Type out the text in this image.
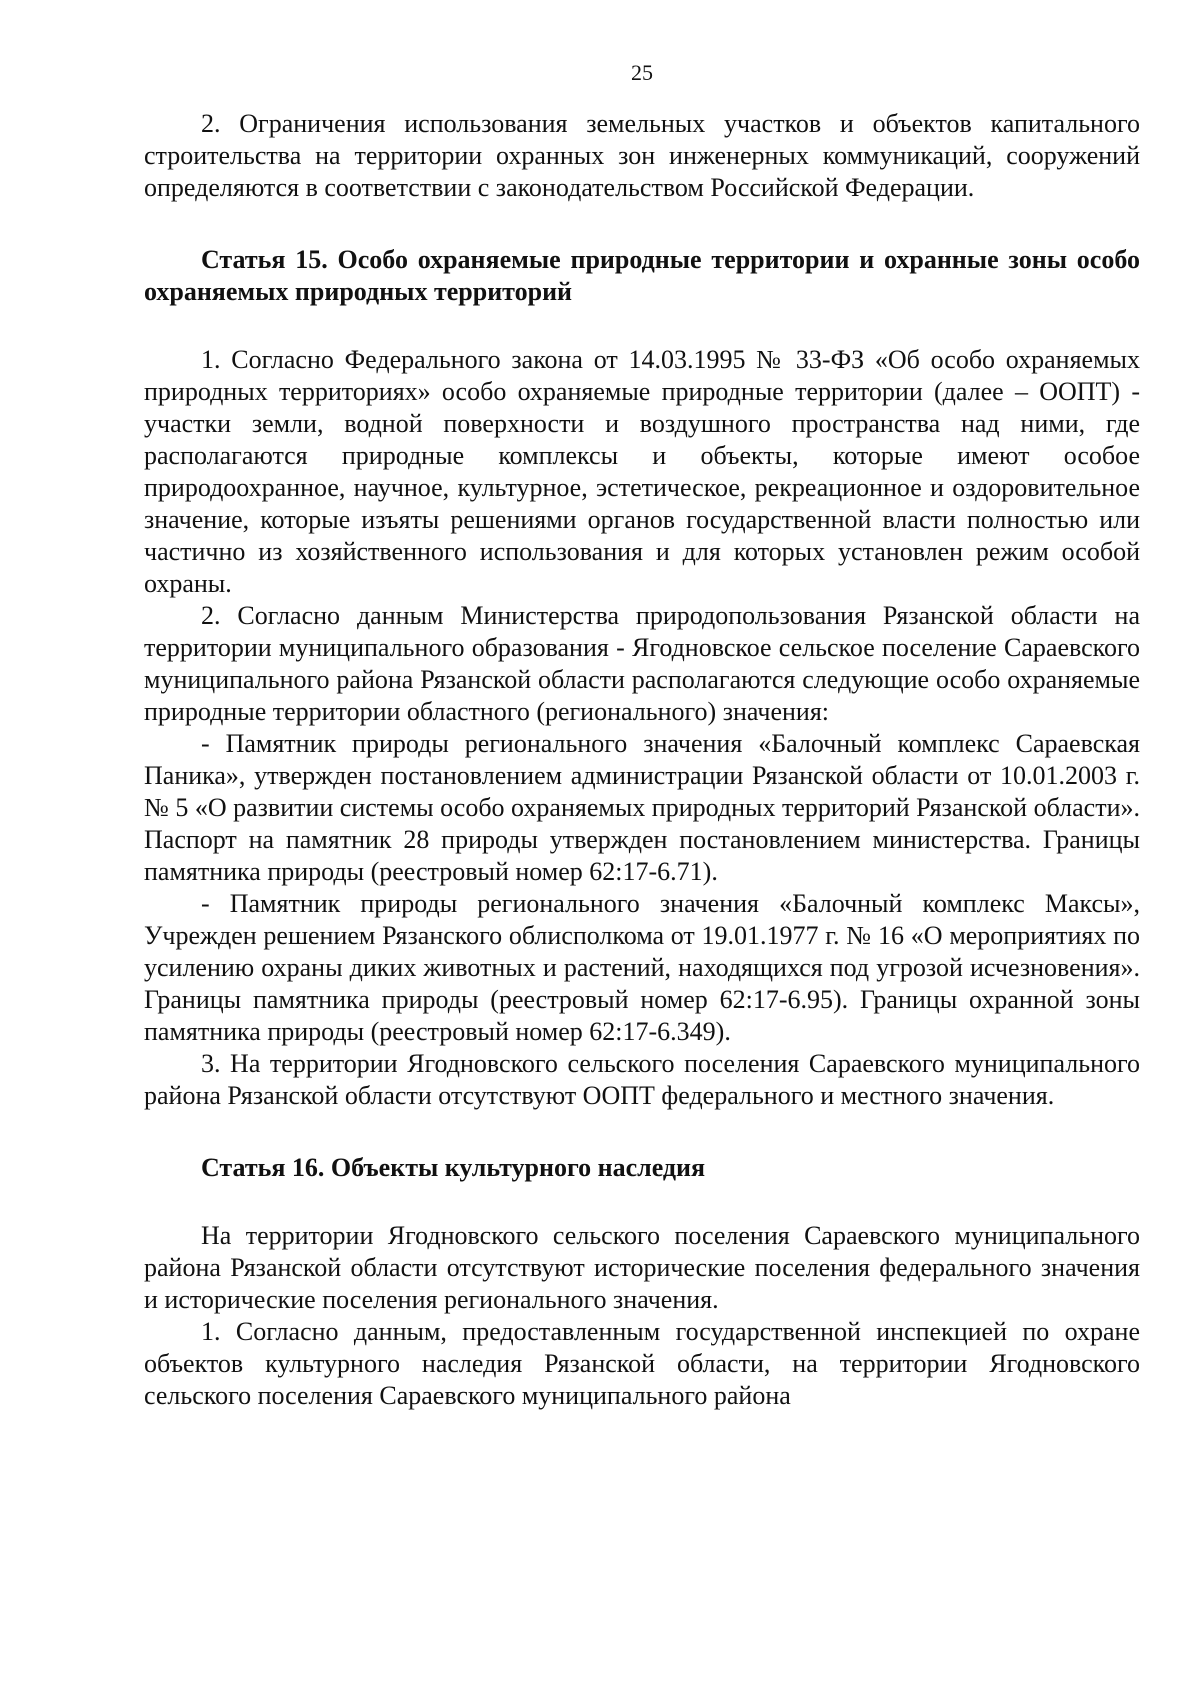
25

2. Ограничения использования земельных участков и объектов капитального строительства на территории охранных зон инженерных коммуникаций, сооружений определяются в соответствии с законодательством Российской Федерации.

Статья 15. Особо охраняемые природные территории и охранные зоны особо охраняемых природных территорий

1. Согласно Федерального закона от 14.03.1995 № 33-ФЗ «Об особо охраняемых природных территориях» особо охраняемые природные территории (далее – ООПТ) - участки земли, водной поверхности и воздушного пространства над ними, где располагаются природные комплексы и объекты, которые имеют особое природоохранное, научное, культурное, эстетическое, рекреационное и оздоровительное значение, которые изъяты решениями органов государственной власти полностью или частично из хозяйственного использования и для которых установлен режим особой охраны.

2. Согласно данным Министерства природопользования Рязанской области на территории муниципального образования - Ягодновское сельское поселение Сараевского муниципального района Рязанской области располагаются следующие особо охраняемые природные территории областного (регионального) значения:

- Памятник природы регионального значения «Балочный комплекс Сараевская Паника», утвержден постановлением администрации Рязанской области от 10.01.2003 г. № 5 «О развитии системы особо охраняемых природных территорий Рязанской области». Паспорт на памятник 28 природы утвержден постановлением министерства. Границы памятника природы (реестровый номер 62:17-6.71).

- Памятник природы регионального значения «Балочный комплекс Максы», Учрежден решением Рязанского облисполкома от 19.01.1977 г. № 16 «О мероприятиях по усилению охраны диких животных и растений, находящихся под угрозой исчезновения». Границы памятника природы (реестровый номер 62:17-6.95). Границы охранной зоны памятника природы (реестровый номер 62:17-6.349).

3. На территории Ягодновского сельского поселения Сараевского муниципального района Рязанской области отсутствуют ООПТ федерального и местного значения.

Статья 16. Объекты культурного наследия

На территории Ягодновского сельского поселения Сараевского муниципального района Рязанской области отсутствуют исторические поселения федерального значения и исторические поселения регионального значения.

1. Согласно данным, предоставленным государственной инспекцией по охране объектов культурного наследия Рязанской области, на территории Ягодновского сельского поселения Сараевского муниципального района
